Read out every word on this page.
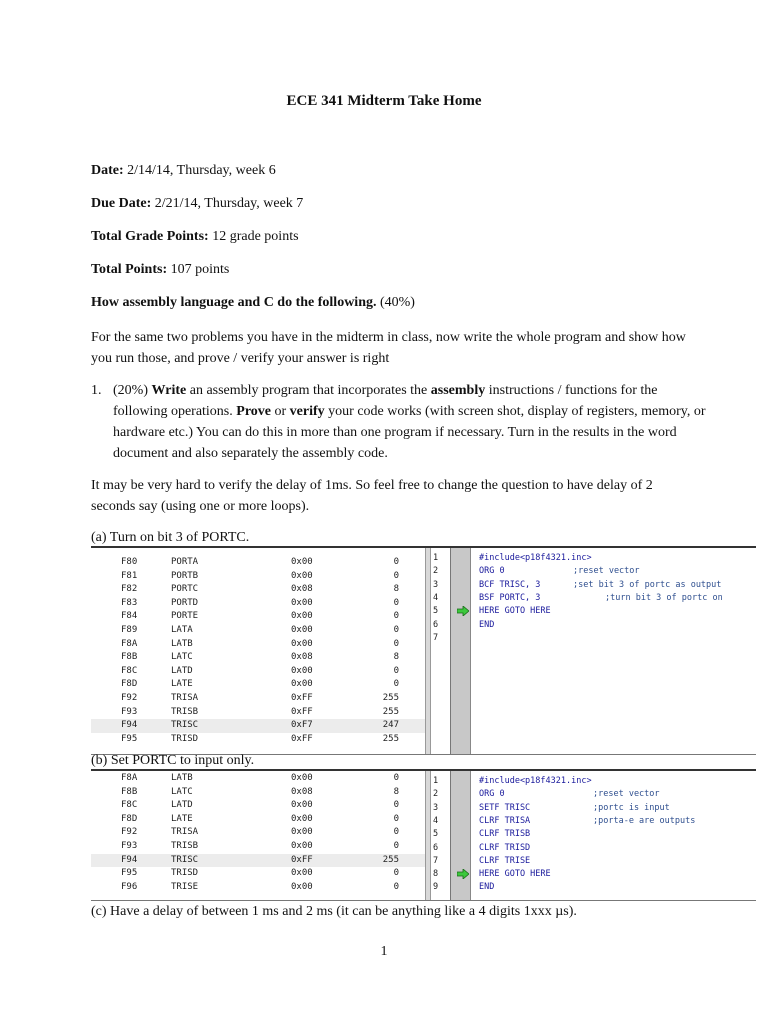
ECE 341 Midterm Take Home
Date: 2/14/14, Thursday, week 6
Due Date: 2/21/14, Thursday, week 7
Total Grade Points: 12 grade points
Total Points: 107 points
How assembly language and C do the following. (40%)
For the same two problems you have in the midterm in class, now write the whole program and show how you run those, and prove / verify your answer is right
1. (20%) Write an assembly program that incorporates the assembly instructions / functions for the following operations. Prove or verify your code works (with screen shot, display of registers, memory, or hardware etc.) You can do this in more than one program if necessary. Turn in the results in the word document and also separately the assembly code.
It may be very hard to verify the delay of 1ms. So feel free to change the question to have delay of 2 seconds say (using one or more loops).
(a) Turn on bit 3 of PORTC.
F80	PORTA	0x00	0
F81	PORTB	0x00	0
F82	PORTC	0x08	8
F83	PORTD	0x00	0
F84	PORTE	0x00	0
F89	LATA	0x00	0
F8A	LATB	0x00	0
F8B	LATC	0x08	8
F8C	LATD	0x00	0
F8D	LATE	0x00	0
F92	TRISA	0xFF	255
F93	TRISB	0xFF	255
F94	TRISC	0xF7	247
F95	TRISD	0xFF	255
1
2
3
4
5
6
7
#include<p18f4321.inc>
ORG 0	;reset vector
BCF TRISC, 3	;set bit 3 of portc as output
BSF PORTC, 3	;turn bit 3 of portc on
HERE GOTO HERE
END
(b) Set PORTC to input only.
F8A	LATB	0x00	0
F8B	LATC	0x08	8
F8C	LATD	0x00	0
F8D	LATE	0x00	0
F92	TRISA	0x00	0
F93	TRISB	0x00	0
F94	TRISC	0xFF	255
F95	TRISD	0x00	0
F96	TRISE	0x00	0
1
2
3
4
5
6
7
8
9
#include<p18f4321.inc>
ORG 0	;reset vector
SETF TRISC	;portc is input
CLRF TRISA	;porta-e are outputs
CLRF TRISB
CLRF TRISD
CLRF TRISE
HERE GOTO HERE
END
(c) Have a delay of between 1 ms and 2 ms (it can be anything like a 4 digits 1xxx µs).
1
